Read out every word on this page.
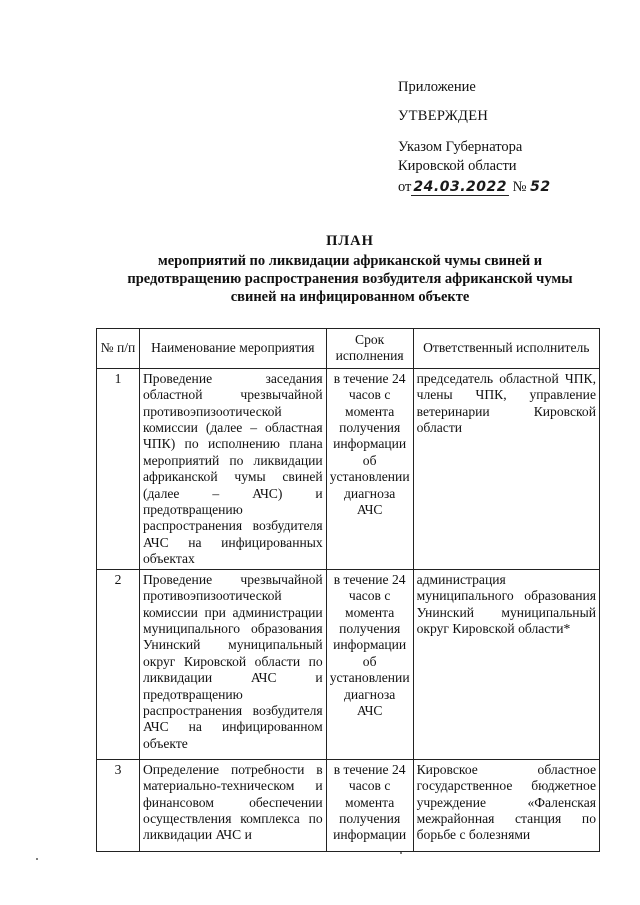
Приложение
УТВЕРЖДЕН
Указом Губернатора
Кировской области
от 24.03.2022 № 52
ПЛАН
мероприятий по ликвидации африканской чумы свиней и
предотвращению распространения возбудителя африканской чумы
свиней на инфицированном объекте
№ п/п	Наименование мероприятия	Срок исполнения	Ответственный исполнитель
1	Проведение заседания областной чрезвычайной противоэпизоотической комиссии (далее – областная ЧПК) по исполнению плана мероприятий по ликвидации африканской чумы свиней (далее – АЧС) и предотвращению распространения возбудителя АЧС на инфицированных объектах	в течение 24 часов с момента получения информации об установлении диагноза АЧС	председатель областной ЧПК, члены ЧПК, управление ветеринарии Кировской области
2	Проведение чрезвычайной противоэпизоотической комиссии при администрации муниципального образования Унинский муниципальный округ Кировской области по ликвидации АЧС и предотвращению распространения возбудителя АЧС на инфицированном объекте	в течение 24 часов с момента получения информации об установлении диагноза АЧС	администрация муниципального образования Унинский муниципальный округ Кировской области*
3	Определение потребности в материально-техническом и финансовом обеспечении осуществления комплекса по ликвидации АЧС и	в течение 24 часов с момента получения информации	Кировское областное государственное бюджетное учреждение «Фаленская межрайонная станция по борьбе с болезнями
